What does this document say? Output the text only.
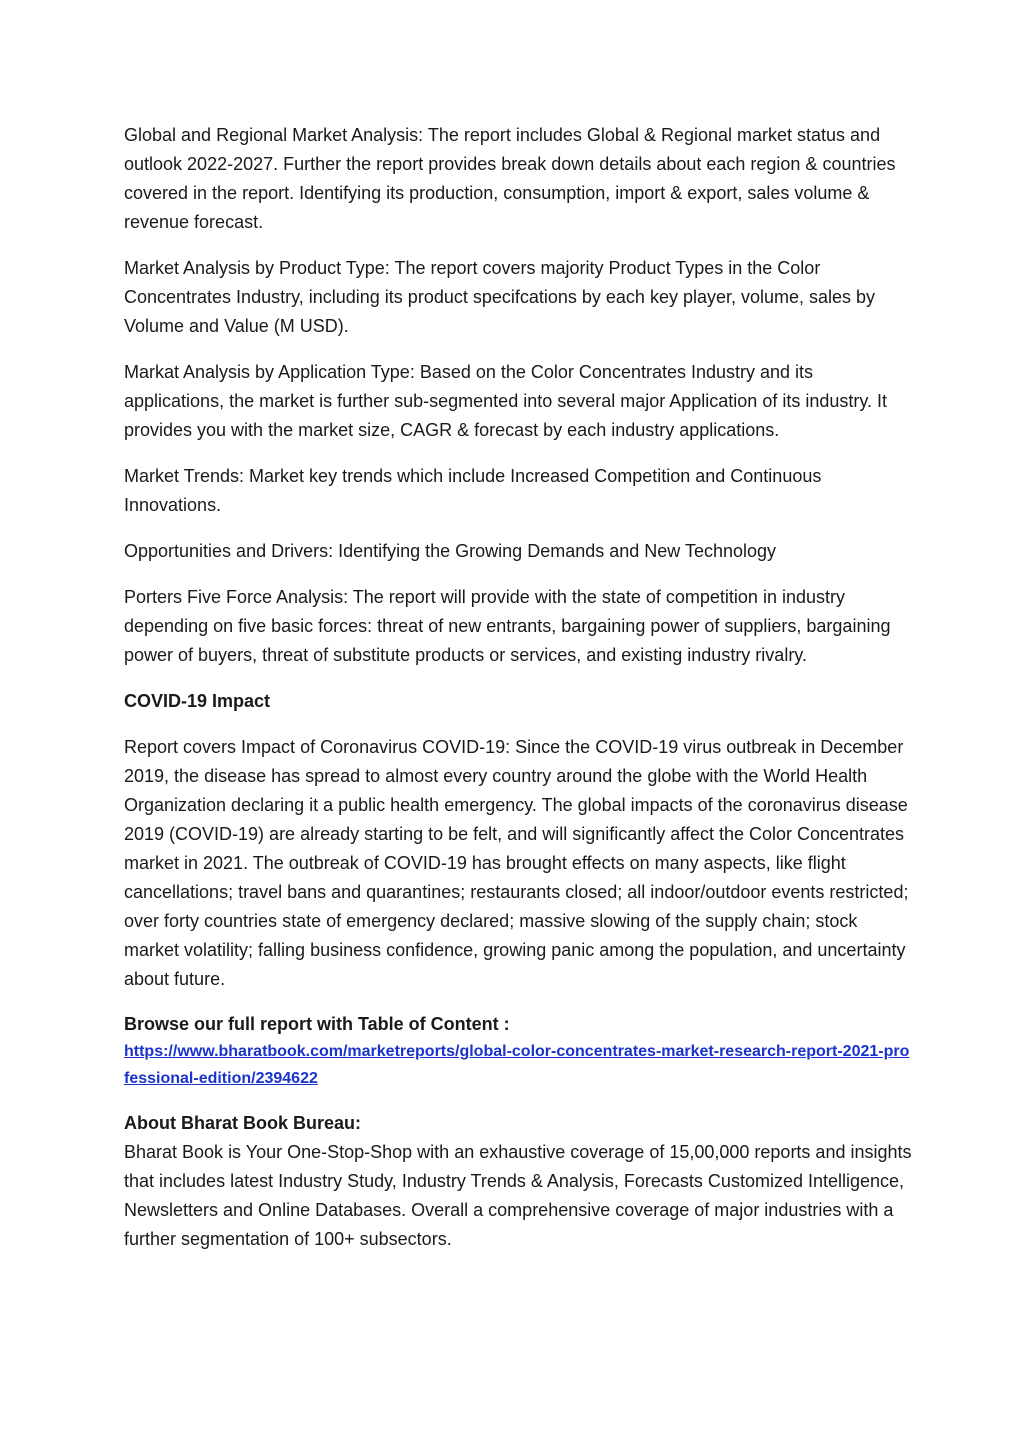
Global and Regional Market Analysis: The report includes Global & Regional market status and outlook 2022-2027. Further the report provides break down details about each region & countries covered in the report. Identifying its production, consumption, import & export, sales volume & revenue forecast.

Market Analysis by Product Type: The report covers majority Product Types in the Color Concentrates Industry, including its product specifcations by each key player, volume, sales by Volume and Value (M USD).

Markat Analysis by Application Type: Based on the Color Concentrates Industry and its applications, the market is further sub-segmented into several major Application of its industry. It provides you with the market size, CAGR & forecast by each industry applications.

Market Trends: Market key trends which include Increased Competition and Continuous Innovations.

Opportunities and Drivers: Identifying the Growing Demands and New Technology

Porters Five Force Analysis: The report will provide with the state of competition in industry depending on five basic forces: threat of new entrants, bargaining power of suppliers, bargaining power of buyers, threat of substitute products or services, and existing industry rivalry.

COVID-19 Impact

Report covers Impact of Coronavirus COVID-19: Since the COVID-19 virus outbreak in December 2019, the disease has spread to almost every country around the globe with the World Health Organization declaring it a public health emergency. The global impacts of the coronavirus disease 2019 (COVID-19) are already starting to be felt, and will significantly affect the Color Concentrates market in 2021. The outbreak of COVID-19 has brought effects on many aspects, like flight cancellations; travel bans and quarantines; restaurants closed; all indoor/outdoor events restricted; over forty countries state of emergency declared; massive slowing of the supply chain; stock market volatility; falling business confidence, growing panic among the population, and uncertainty about future.

Browse our full report with Table of Content :
https://www.bharatbook.com/marketreports/global-color-concentrates-market-research-report-2021-professional-edition/2394622
About Bharat Book Bureau:
Bharat Book is Your One-Stop-Shop with an exhaustive coverage of 15,00,000 reports and insights that includes latest Industry Study, Industry Trends & Analysis, Forecasts Customized Intelligence, Newsletters and Online Databases. Overall a comprehensive coverage of major industries with a further segmentation of 100+ subsectors.
